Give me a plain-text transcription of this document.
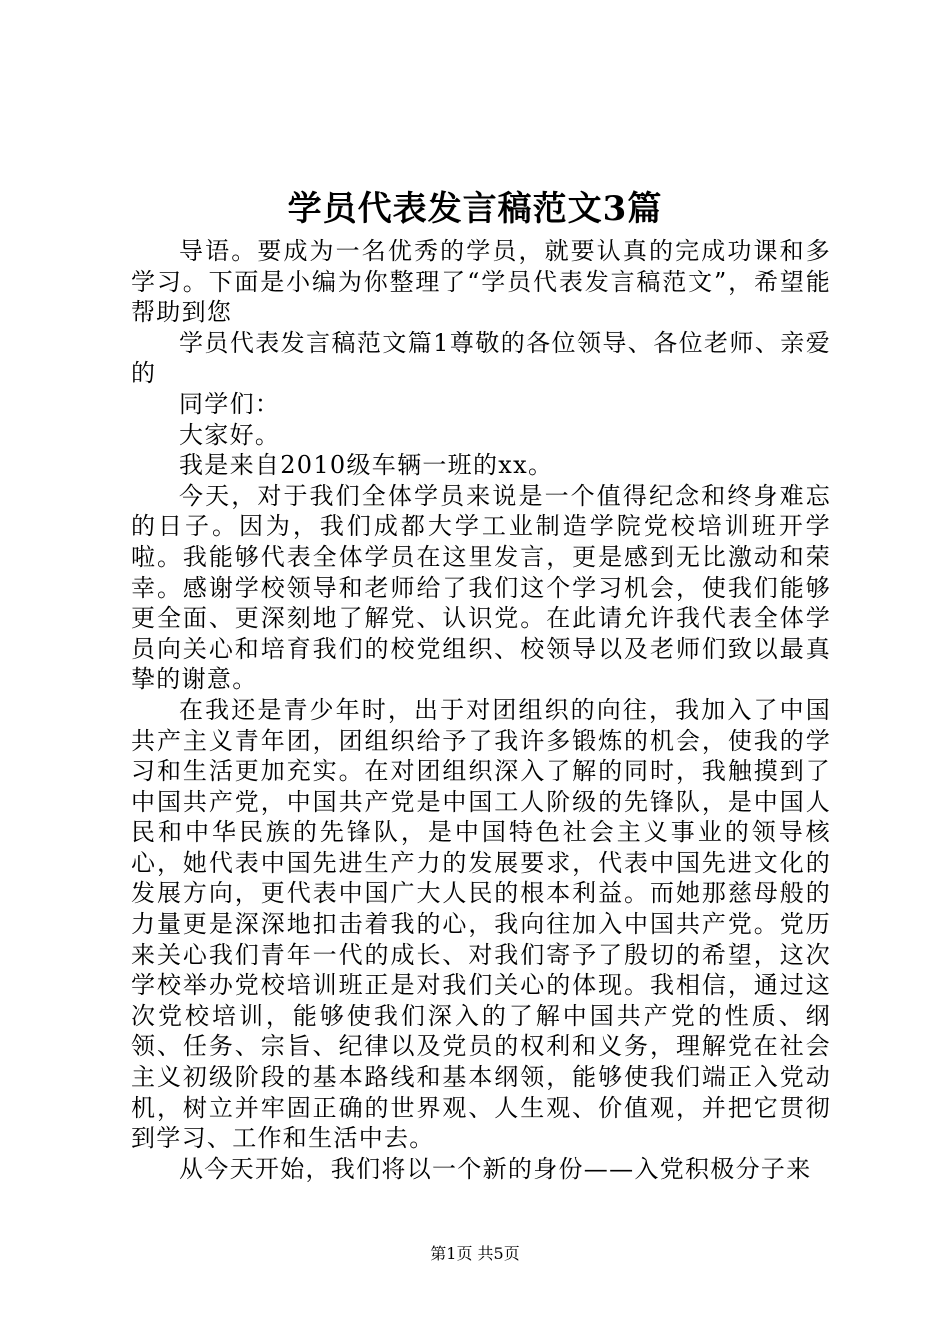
学员代表发言稿范文3篇

导语。要成为一名优秀的学员，就要认真的完成功课和多学习。下面是小编为你整理了“学员代表发言稿范文”，希望能帮助到您

学员代表发言稿范文篇1尊敬的各位领导、各位老师、亲爱的

同学们：

大家好。

我是来自2010级车辆一班的xx。

今天，对于我们全体学员来说是一个值得纪念和终身难忘的日子。因为，我们成都大学工业制造学院党校培训班开学啦。我能够代表全体学员在这里发言，更是感到无比激动和荣幸。感谢学校领导和老师给了我们这个学习机会，使我们能够更全面、更深刻地了解党、认识党。在此请允许我代表全体学员向关心和培育我们的校党组织、校领导以及老师们致以最真挚的谢意。

在我还是青少年时，出于对团组织的向往，我加入了中国共产主义青年团，团组织给予了我许多锻炼的机会，使我的学习和生活更加充实。在对团组织深入了解的同时，我触摸到了中国共产党，中国共产党是中国工人阶级的先锋队，是中国人民和中华民族的先锋队，是中国特色社会主义事业的领导核心，她代表中国先进生产力的发展要求，代表中国先进文化的发展方向，更代表中国广大人民的根本利益。而她那慈母般的力量更是深深地扣击着我的心，我向往加入中国共产党。党历来关心我们青年一代的成长、对我们寄予了殷切的希望，这次学校举办党校培训班正是对我们关心的体现。我相信，通过这次党校培训，能够使我们深入的了解中国共产党的性质、纲领、任务、宗旨、纪律以及党员的权利和义务，理解党在社会主义初级阶段的基本路线和基本纲领，能够使我们端正入党动机，树立并牢固正确的世界观、人生观、价值观，并把它贯彻到学习、工作和生活中去。

从今天开始，我们将以一个新的身份——入党积极分子来

第1页 共5页
